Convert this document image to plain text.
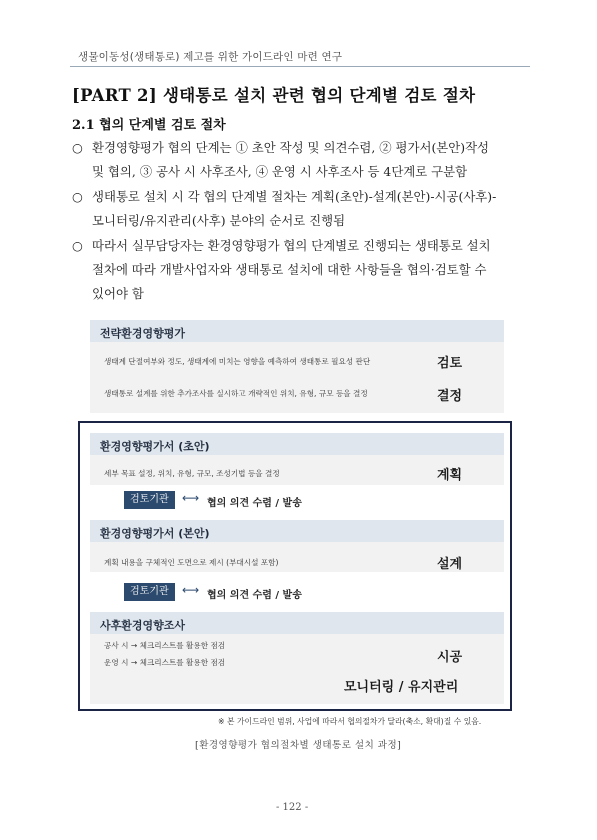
생물이동성(생태통로) 제고를 위한 가이드라인 마련 연구
[PART 2] 생태통로 설치 관련 협의 단계별 검토 절차
2.1 협의 단계별 검토 절차
○ 환경영향평가 협의 단계는 ① 초안 작성 및 의견수렴, ② 평가서(본안)작성
및 협의, ③ 공사 시 사후조사, ④ 운영 시 사후조사 등 4단계로 구분함
○ 생태통로 설치 시 각 협의 단계별 절차는 계획(초안)-설계(본안)-시공(사후)-
모니터링/유지관리(사후) 분야의 순서로 진행됨
○ 따라서 실무담당자는 환경영향평가 협의 단계별로 진행되는 생태통로 설치
절차에 따라 개발사업자와 생태통로 설치에 대한 사항들을 협의·검토할 수
있어야 함
전략환경영향평가
생태계 단절여부와 정도, 생태계에 미치는 영향을 예측하여 생태통로 필요성 판단	검토
생태통로 설계를 위한 추가조사를 실시하고 개략적인 위치, 유형, 규모 등을 결정	결정
환경영향평가서 (초안)
세부 목표 설정, 위치, 유형, 규모, 조성기법 등을 결정	계획
검토기관	⟷ 협의 의견 수렴 / 발송
환경영향평가서 (본안)
계획 내용을 구체적인 도면으로 제시 (부대시설 포함)	설계
검토기관	⟷ 협의 의견 수렴 / 발송
사후환경영향조사
공사 시 → 체크리스트를 활용한 점검
운영 시 → 체크리스트를 활용한 점검	시공
모니터링 / 유지관리
※ 본 가이드라인 범위, 사업에 따라서 협의절차가 달라(축소, 확대)질 수 있음.
[환경영향평가 협의절차별 생태통로 설치 과정]
- 122 -
